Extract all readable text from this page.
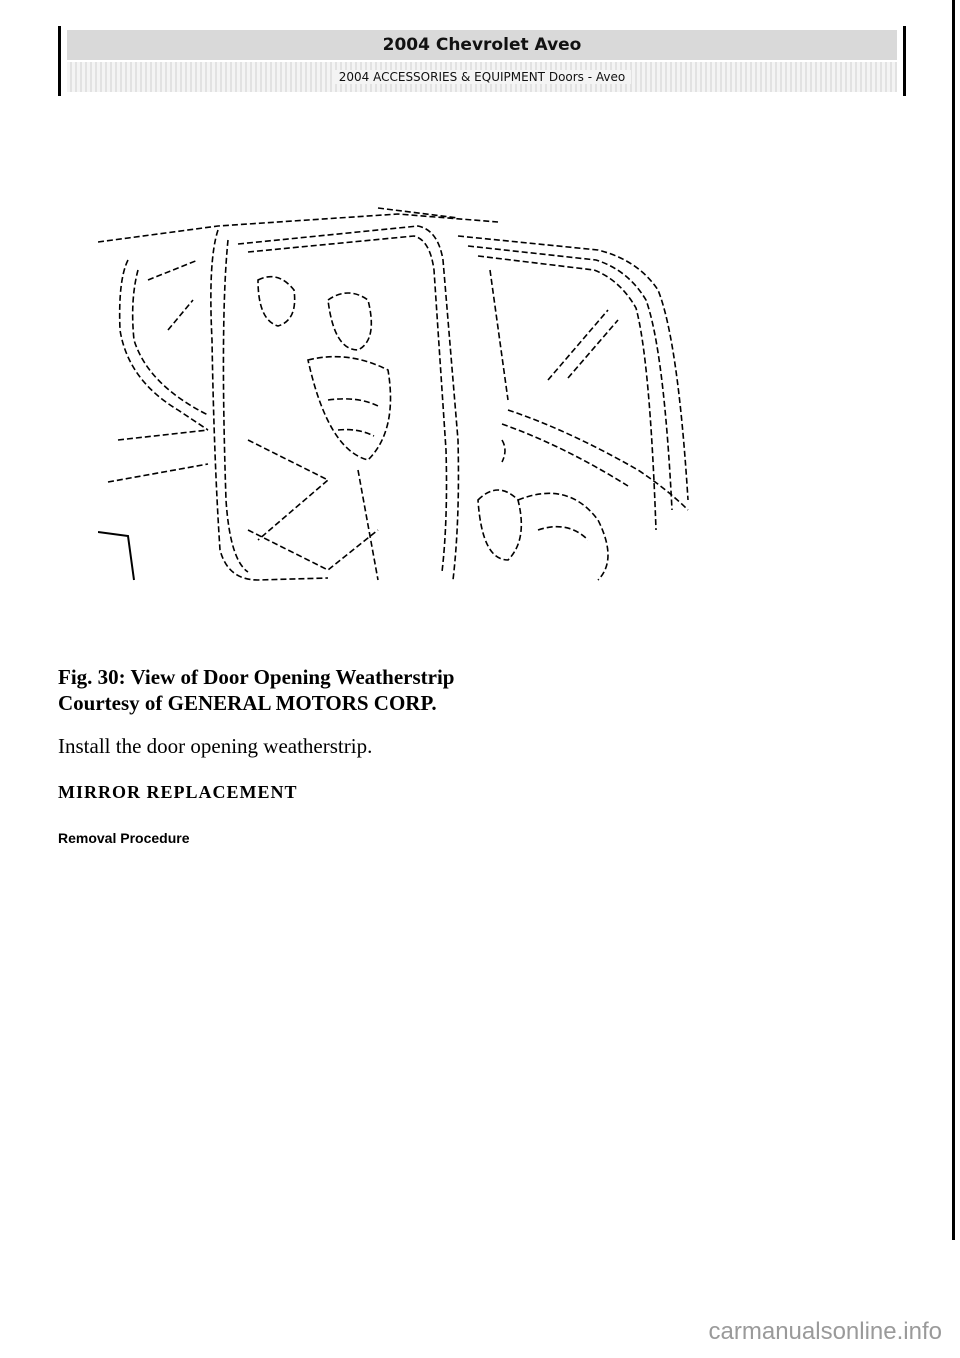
2004 Chevrolet Aveo
2004 ACCESSORIES & EQUIPMENT Doors - Aveo
Fig. 30: View of Door Opening Weatherstrip
Courtesy of GENERAL MOTORS CORP.
Install the door opening weatherstrip.
MIRROR REPLACEMENT
Removal Procedure
carmanualsonline.info
